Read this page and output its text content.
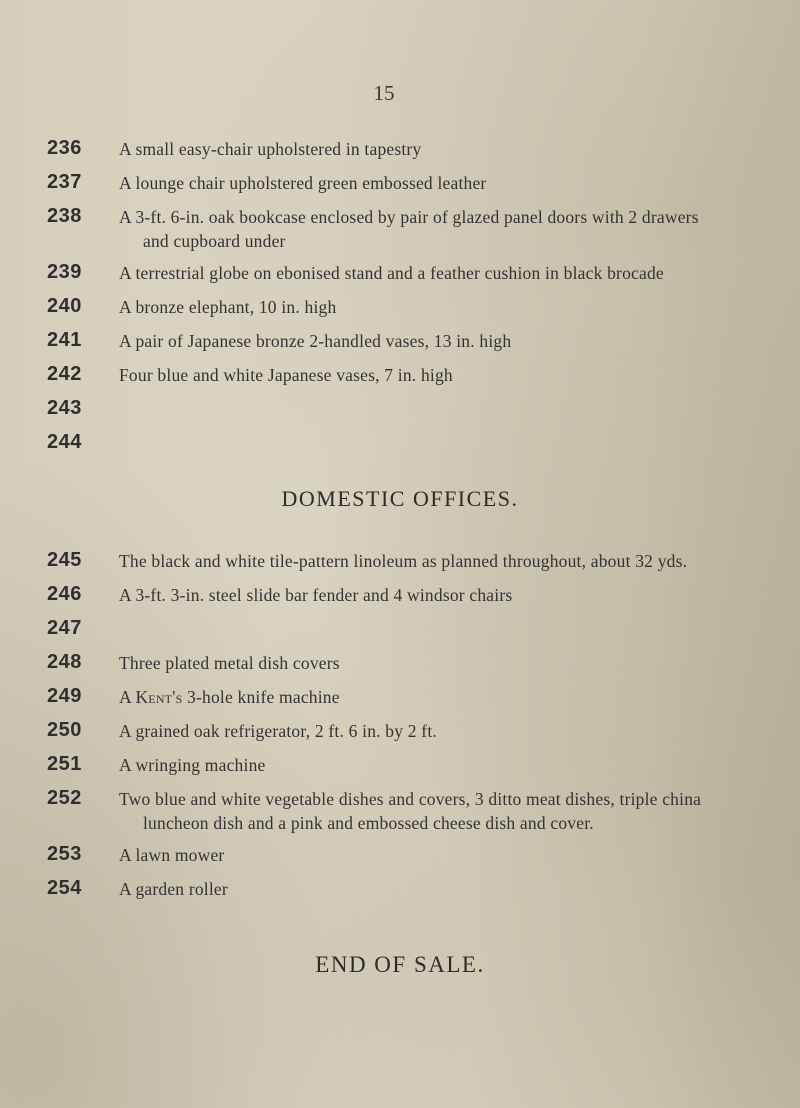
15
236	A small easy-chair upholstered in tapestry
237	A lounge chair upholstered green embossed leather
238	A 3-ft. 6-in. oak bookcase enclosed by pair of glazed panel doors with 2 drawers
and cupboard under
239	A terrestrial globe on ebonised stand and a feather cushion in black brocade
240	A bronze elephant, 10 in. high
241	A pair of Japanese bronze 2-handled vases, 13 in. high
242	Four blue and white Japanese vases, 7 in. high
243
244
DOMESTIC OFFICES.
245	The black and white tile-pattern linoleum as planned throughout, about 32 yds.
246	A 3-ft. 3-in. steel slide bar fender and 4 windsor chairs
247
248	Three plated metal dish covers
249	A Kent's 3-hole knife machine
250	A grained oak refrigerator, 2 ft. 6 in. by 2 ft.
251	A wringing machine
252	Two blue and white vegetable dishes and covers, 3 ditto meat dishes, triple china
luncheon dish and a pink and embossed cheese dish and cover.
253	A lawn mower
254	A garden roller
END OF SALE.
